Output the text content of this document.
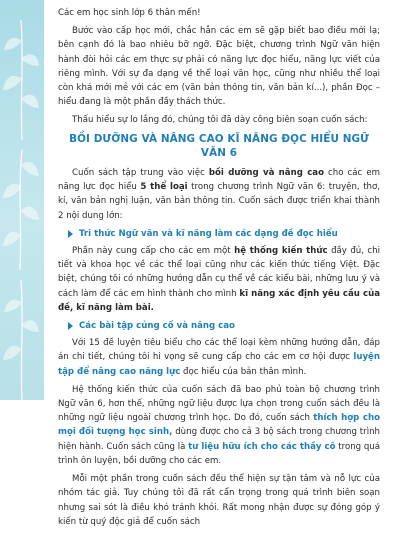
Các em học sinh lớp 6 thân mến!

Bước vào cấp học mới, chắc hẳn các em sẽ gặp biết bao điều mới lạ; bên cạnh đó là bao nhiêu bỡ ngỡ. Đặc biệt, chương trình Ngữ văn hiện hành đòi hỏi các em thực sự phải có năng lực đọc hiểu, năng lực viết của riêng mình. Với sự đa dạng về thể loại văn học, cũng như nhiều thể loại còn khá mới mẻ với các em (văn bản thông tin, văn bản kí...), phần Đọc – hiểu đang là một phần đầy thách thức.

Thấu hiểu sự lo lắng đó, chúng tôi đã dày công biên soạn cuốn sách:

BỒI DƯỠNG VÀ NÂNG CAO KĨ NĂNG ĐỌC HIỂU NGỮ VĂN 6

Cuốn sách tập trung vào việc bồi dưỡng và nâng cao cho các em năng lực đọc hiểu 5 thể loại trong chương trình Ngữ văn 6: truyện, thơ, kí, văn bản nghị luận, văn bản thông tin. Cuốn sách được triển khai thành 2 nội dung lớn:

Tri thức Ngữ văn và kĩ năng làm các dạng đề đọc hiểu

Phần này cung cấp cho các em một hệ thống kiến thức đầy đủ, chi tiết và khoa học về các thể loại cũng như các kiến thức tiếng Việt. Đặc biệt, chúng tôi có những hướng dẫn cụ thể về các kiểu bài, những lưu ý và cách làm để các em hình thành cho mình kĩ năng xác định yêu cầu của đề, kĩ năng làm bài.

Các bài tập củng cố và nâng cao

Với 15 đề luyện tiêu biểu cho các thể loại kèm những hướng dẫn, đáp án chi tiết, chúng tôi hi vọng sẽ cung cấp cho các em cơ hội được luyện tập để nâng cao năng lực đọc hiểu của bản thân mình.

Hệ thống kiến thức của cuốn sách đã bao phủ toàn bộ chương trình Ngữ văn 6, hơn thế, những ngữ liệu được lựa chọn trong cuốn sách đều là những ngữ liệu ngoài chương trình học. Do đó, cuốn sách thích hợp cho mọi đối tượng học sinh, dùng được cho cả 3 bộ sách trong chương trình hiện hành. Cuốn sách cũng là tư liệu hữu ích cho các thầy cô trong quá trình ôn luyện, bồi dưỡng cho các em.

Mỗi một phần trong cuốn sách đều thể hiện sự tận tâm và nỗ lực của nhóm tác giả. Tuy chúng tôi đã rất cẩn trọng trong quá trình biên soạn nhưng sai sót là điều khó tránh khỏi. Rất mong nhận được sự đóng góp ý kiến từ quý độc giả để cuốn sách
